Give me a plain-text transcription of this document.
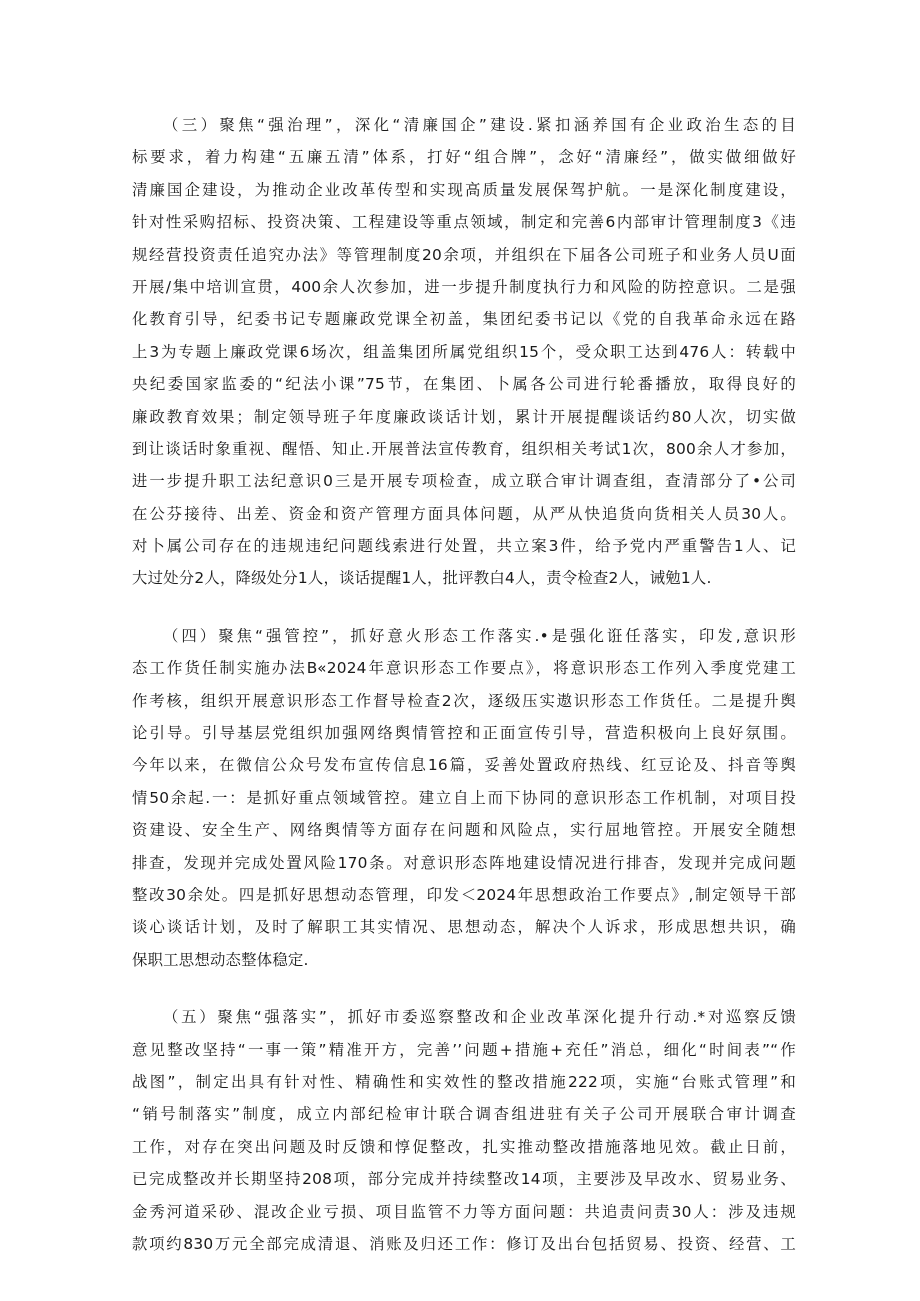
（三）聚焦“强治理”，深化“清廉国企”建设.紧扣涵养国有企业政治生态的目
标要求，着力构建“五廉五清”体系，打好“组合牌”，念好“清廉经”，做实做细做好
清廉国企建设，为推动企业改革传型和实现高质量发展保驾护航。一是深化制度建设，
针对性采购招标、投资决策、工程建设等重点领域，制定和完善6内部审计管理制度3《违
规经营投资责任追究办法》等管理制度20余项，并组织在下届各公司班子和业务人员U面
开展/集中培训宣贯，400余人次参加，进一步提升制度执行力和风险的防控意识。二是强
化教育引导，纪委书记专题廉政党课全初盖，集团纪委书记以《党的自我革命永远在路
上3为专题上廉政党课6场次，组盖集团所属党组织15个，受众职工达到476人：转载中
央纪委国家监委的“纪法小课”75节，在集团、卜属各公司进行轮番播放，取得良好的
廉政教育效果；制定领导班子年度廉政谈话计划，累计开展提醒谈话约80人次，切实做
到让谈话时象重视、醒悟、知止.开展普法宣传教育，组织相关考试1次，800余人才参加，
进一步提升职工法纪意识0三是开展专项检查，成立联合审计调查组，查清部分了•公司
在公芬接待、出差、资金和资产管理方面具体问题，从严从快追货向货相关人员30人。
对卜属公司存在的违规违纪问题线索进行处置，共立案3件，给予党内严重警告1人、记
大过处分2人，降级处分1人，谈话提醒1人，批评教白4人，责令检查2人，诫勉1人.
（四）聚焦“强管控”，抓好意火形态工作落实.•是强化诳任落实，印发,意识形
态工作货任制实施办法B«2024年意识形态工作要点》，将意识形态工作列入季度党建工
作考核，组织开展意识形态工作督导检查2次，逐级压实遨识形态工作货任。二是提升舆
论引导。引导基层党组织加强网络舆情管控和正面宣传引导，营造积极向上良好氛围。
今年以来，在微信公众号发布宣传信息16篇，妥善处置政府热线、红豆论及、抖音等舆
情50余起.一：是抓好重点领域管控。建立自上而下协同的意识形态工作机制，对项目投
资建设、安全生产、网络舆情等方面存在问题和风险点，实行屈地管控。开展安全随想
排查，发现并完成处置风险170条。对意识形态阵地建设情况进行排杳，发现并完成问题
整改30余处。四是抓好思想动态管理，印发＜2024年思想政治工作要点》,制定领导干部
谈心谈话计划，及时了解职工其实情况、思想动态，解决个人诉求，形成思想共识，确
保职工思想动态整体稳定.
（五）聚焦“强落实”，抓好市委巡察整改和企业改革深化提升行动.*对巡察反馈
意见整改坚持“一事一策”精准开方，完善’’问题+措施+充任”消总，细化“时间表”“作
战图”，制定出具有针对性、精确性和实效性的整改措施222项，实施“台账式管理”和
“销号制落实”制度，成立内部纪检审计联合调杳组进驻有关子公司开展联合审计调查
工作，对存在突出问题及时反馈和惇促整改，扎实推动整改措施落地见效。截止日前，
已完成整改并长期坚持208项，部分完成并持续整改14项，主要涉及早改水、贸易业务、
金秀河道采砂、混改企业亏损、项目监管不力等方面问题：共追责问责30人：涉及违规
款项约830万元全部完成清退、消账及归还工作：修订及出台包括贸易、投资、经营、工
